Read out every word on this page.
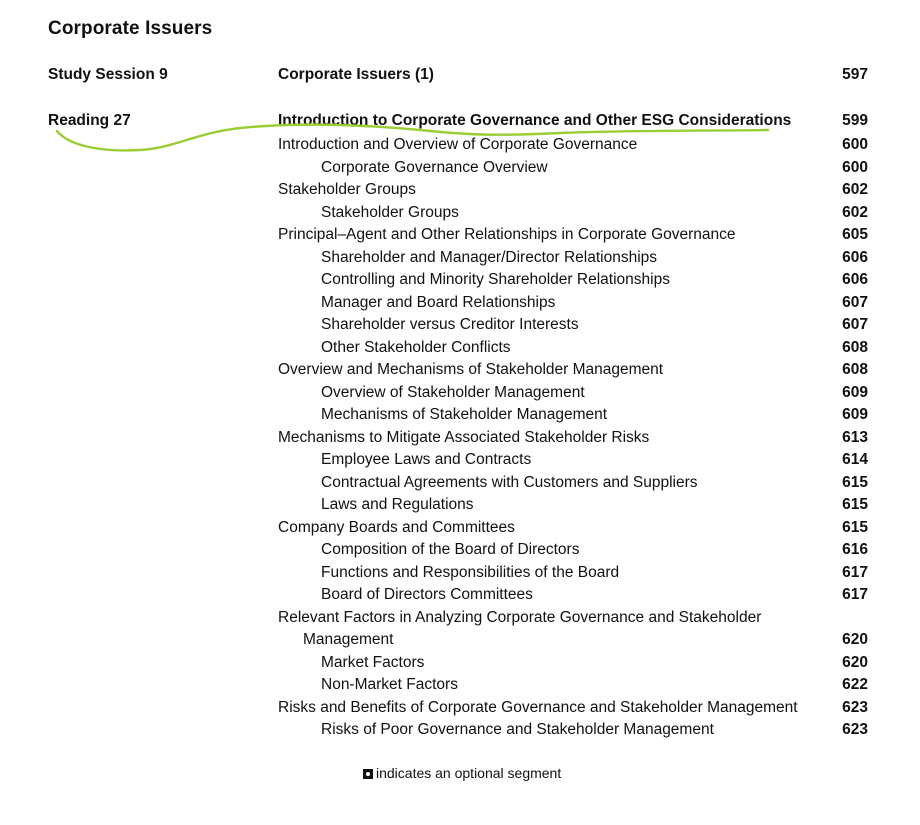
Corporate Issuers
Study Session 9	Corporate Issuers (1)	597
Reading 27	Introduction to Corporate Governance and Other ESG Considerations	599
Introduction and Overview of Corporate Governance	600
Corporate Governance Overview	600
Stakeholder Groups	602
Stakeholder Groups	602
Principal–Agent and Other Relationships in Corporate Governance	605
Shareholder and Manager/Director Relationships	606
Controlling and Minority Shareholder Relationships	606
Manager and Board Relationships	607
Shareholder versus Creditor Interests	607
Other Stakeholder Conflicts	608
Overview and Mechanisms of Stakeholder Management	608
Overview of Stakeholder Management	609
Mechanisms of Stakeholder Management	609
Mechanisms to Mitigate Associated Stakeholder Risks	613
Employee Laws and Contracts	614
Contractual Agreements with Customers and Suppliers	615
Laws and Regulations	615
Company Boards and Committees	615
Composition of the Board of Directors	616
Functions and Responsibilities of the Board	617
Board of Directors Committees	617
Relevant Factors in Analyzing Corporate Governance and Stakeholder
Management	620
Market Factors	620
Non-Market Factors	622
Risks and Benefits of Corporate Governance and Stakeholder Management	623
Risks of Poor Governance and Stakeholder Management	623
indicates an optional segment
